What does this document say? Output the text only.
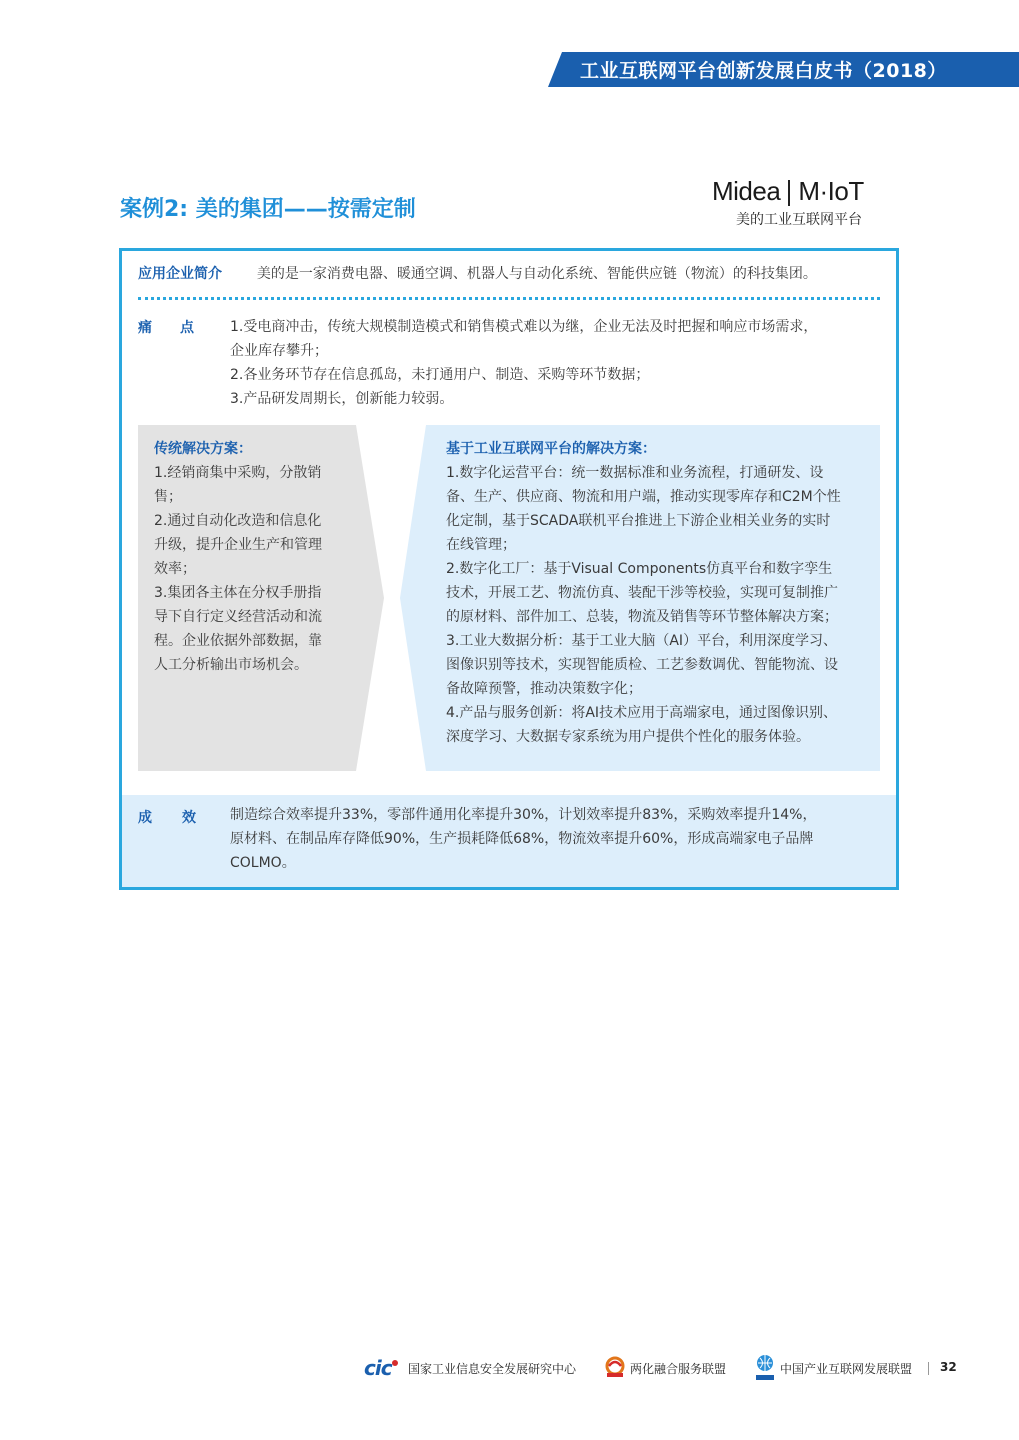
工业互联网平台创新发展白皮书（2018）
案例2: 美的集团——按需定制
Midea M·IoT
美的工业互联网平台
应用企业简介 美的是一家消费电器、暖通空调、机器人与自动化系统、智能供应链（物流）的科技集团。
痛点 1.受电商冲击，传统大规模制造模式和销售模式难以为继，企业无法及时把握和响应市场需求，
企业库存攀升；
2.各业务环节存在信息孤岛，未打通用户、制造、采购等环节数据；
3.产品研发周期长，创新能力较弱。
传统解决方案：
1.经销商集中采购，分散销
售；
2.通过自动化改造和信息化
升级，提升企业生产和管理
效率；
3.集团各主体在分权手册指
导下自行定义经营活动和流
程。企业依据外部数据，靠
人工分析输出市场机会。
基于工业互联网平台的解决方案：
1.数字化运营平台：统一数据标准和业务流程，打通研发、设
备、生产、供应商、物流和用户端，推动实现零库存和C2M个性
化定制，基于SCADA联机平台推进上下游企业相关业务的实时
在线管理；
2.数字化工厂：基于Visual Components仿真平台和数字孪生
技术，开展工艺、物流仿真、装配干涉等校验，实现可复制推广
的原材料、部件加工、总装，物流及销售等环节整体解决方案；
3.工业大数据分析：基于工业大脑（AI）平台，利用深度学习、
图像识别等技术，实现智能质检、工艺参数调优、智能物流、设
备故障预警，推动决策数字化；
4.产品与服务创新：将AI技术应用于高端家电，通过图像识别、
深度学习、大数据专家系统为用户提供个性化的服务体验。
成效 制造综合效率提升33%，零部件通用化率提升30%，计划效率提升83%，采购效率提升14%，
原材料、在制品库存降低90%，生产损耗降低68%，物流效率提升60%，形成高端家电子品牌
COLMO。
cic	国家工业信息安全发展研究中心	两化融合服务联盟	中国产业互联网发展联盟 32
